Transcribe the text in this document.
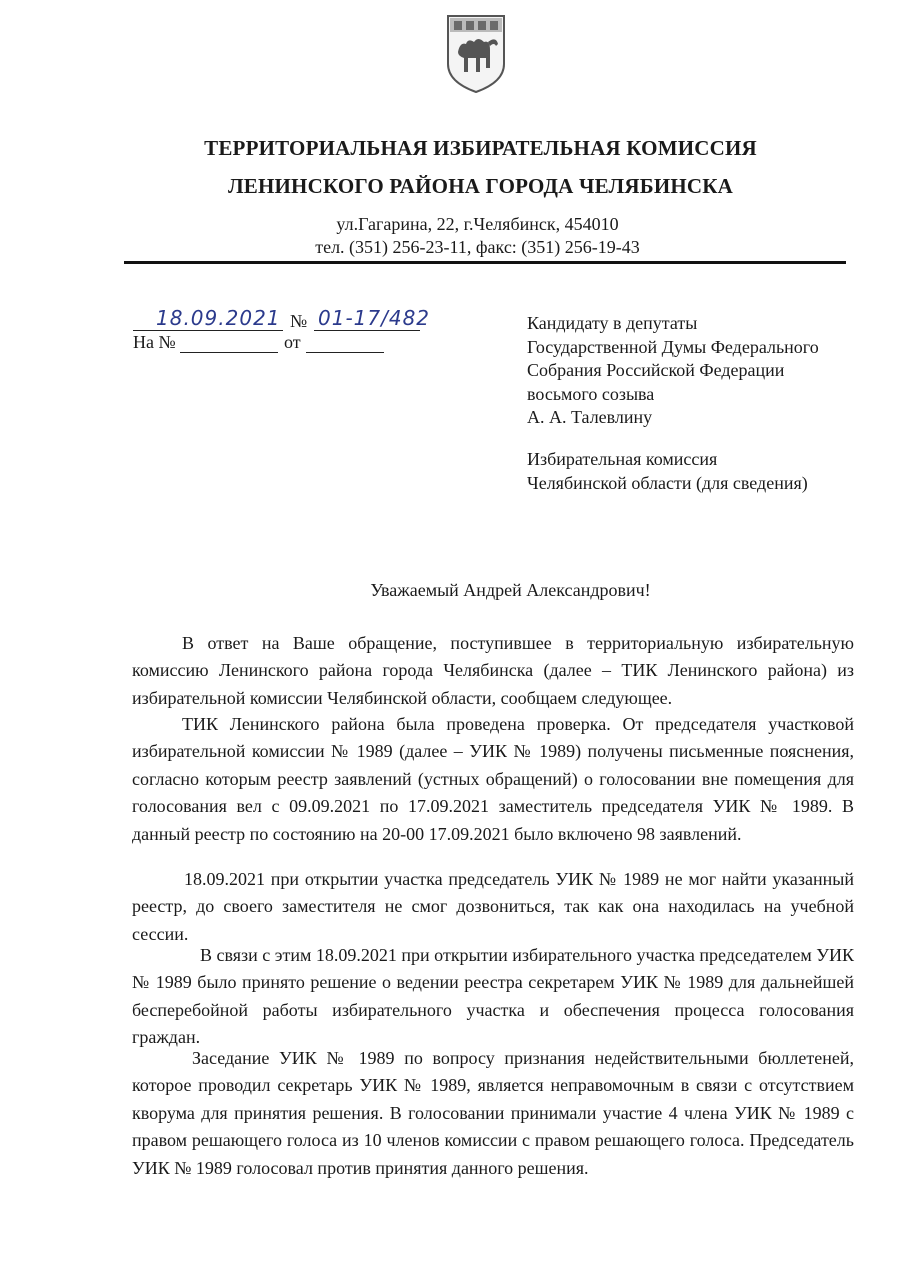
ТЕРРИТОРИАЛЬНАЯ ИЗБИРАТЕЛЬНАЯ КОМИССИЯ
ЛЕНИНСКОГО РАЙОНА ГОРОДА ЧЕЛЯБИНСКА
ул.Гагарина, 22, г.Челябинск, 454010
тел. (351) 256-23-11, факс: (351) 256-19-43
18.09.2021 № 01-17/482
На №	от
Кандидату в депутаты
Государственной Думы Федерального
Собрания Российской Федерации
восьмого созыва
А. А. Талевлину
Избирательная комиссия
Челябинской области (для сведения)
Уважаемый Андрей Александрович!

В ответ на Ваше обращение, поступившее в территориальную избирательную комиссию Ленинского района города Челябинска (далее – ТИК Ленинского района) из избирательной комиссии Челябинской области, сообщаем следующее.

ТИК Ленинского района была проведена проверка. От председателя участковой избирательной комиссии № 1989 (далее – УИК № 1989) получены письменные пояснения, согласно которым реестр заявлений (устных обращений) о голосовании вне помещения для голосования вел с 09.09.2021 по 17.09.2021 заместитель председателя УИК № 1989. В данный реестр по состоянию на 20-00 17.09.2021 было включено 98 заявлений.

18.09.2021 при открытии участка председатель УИК № 1989 не мог найти указанный реестр, до своего заместителя не смог дозвониться, так как она находилась на учебной сессии.

В связи с этим 18.09.2021 при открытии избирательного участка председателем УИК № 1989 было принято решение о ведении реестра секретарем УИК № 1989 для дальнейшей бесперебойной работы избирательного участка и обеспечения процесса голосования граждан.

Заседание УИК № 1989 по вопросу признания недействительными бюллетеней, которое проводил секретарь УИК № 1989, является неправомочным в связи с отсутствием кворума для принятия решения. В голосовании принимали участие 4 члена УИК № 1989 с правом решающего голоса из 10 членов комиссии с правом решающего голоса. Председатель УИК № 1989 голосовал против принятия данного решения.
